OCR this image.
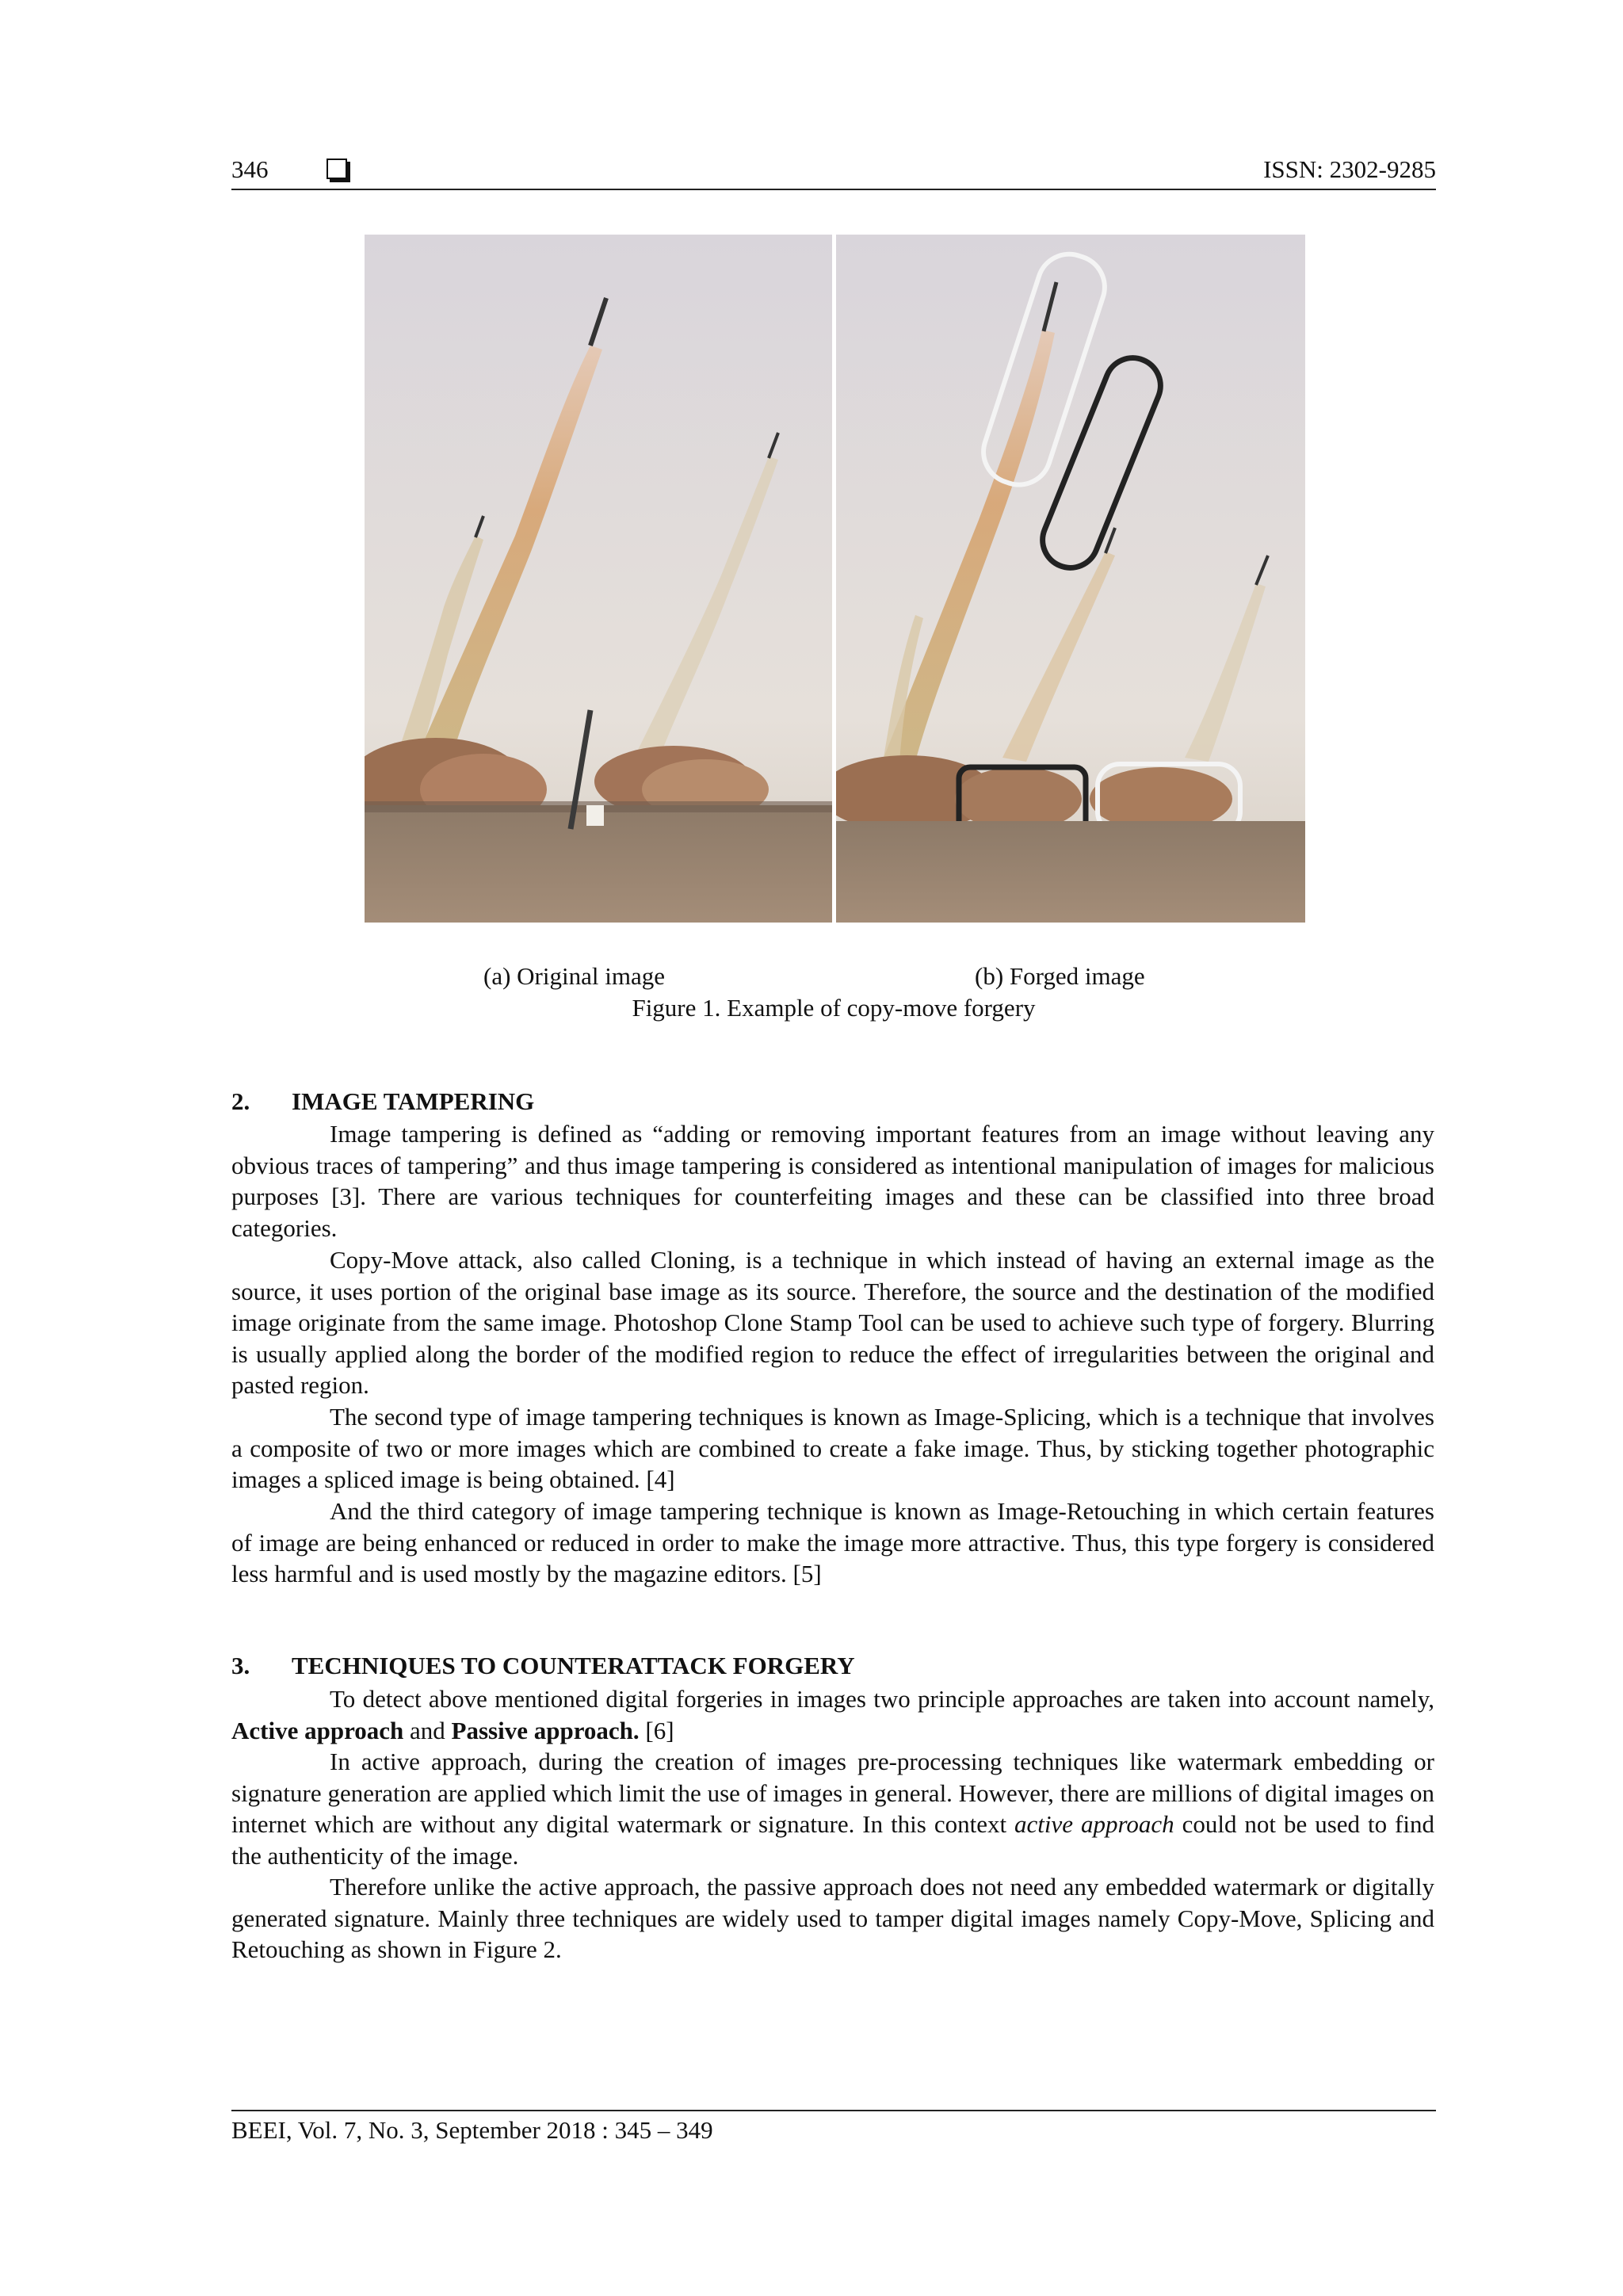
346	ISSN: 2302-9285
(a) Original image	(b) Forged image
Figure 1. Example of copy-move forgery
2. IMAGE TAMPERING

Image tampering is defined as “adding or removing important features from an image without leaving any obvious traces of tampering” and thus image tampering is considered as intentional manipulation of images for malicious purposes [3]. There are various techniques for counterfeiting images and these can be classified into three broad categories.

Copy-Move attack, also called Cloning, is a technique in which instead of having an external image as the source, it uses portion of the original base image as its source. Therefore, the source and the destination of the modified image originate from the same image. Photoshop Clone Stamp Tool can be used to achieve such type of forgery. Blurring is usually applied along the border of the modified region to reduce the effect of irregularities between the original and pasted region.

The second type of image tampering techniques is known as Image-Splicing, which is a technique that involves a composite of two or more images which are combined to create a fake image. Thus, by sticking together photographic images a spliced image is being obtained. [4]

And the third category of image tampering technique is known as Image-Retouching in which certain features of image are being enhanced or reduced in order to make the image more attractive. Thus, this type forgery is considered less harmful and is used mostly by the magazine editors. [5]

3. TECHNIQUES TO COUNTERATTACK FORGERY

To detect above mentioned digital forgeries in images two principle approaches are taken into account namely, Active approach and Passive approach. [6]

In active approach, during the creation of images pre-processing techniques like watermark embedding or signature generation are applied which limit the use of images in general. However, there are millions of digital images on internet which are without any digital watermark or signature. In this context active approach could not be used to find the authenticity of the image.

Therefore unlike the active approach, the passive approach does not need any embedded watermark or digitally generated signature. Mainly three techniques are widely used to tamper digital images namely Copy-Move, Splicing and Retouching as shown in Figure 2.

BEEI, Vol. 7, No. 3, September 2018 : 345 – 349
